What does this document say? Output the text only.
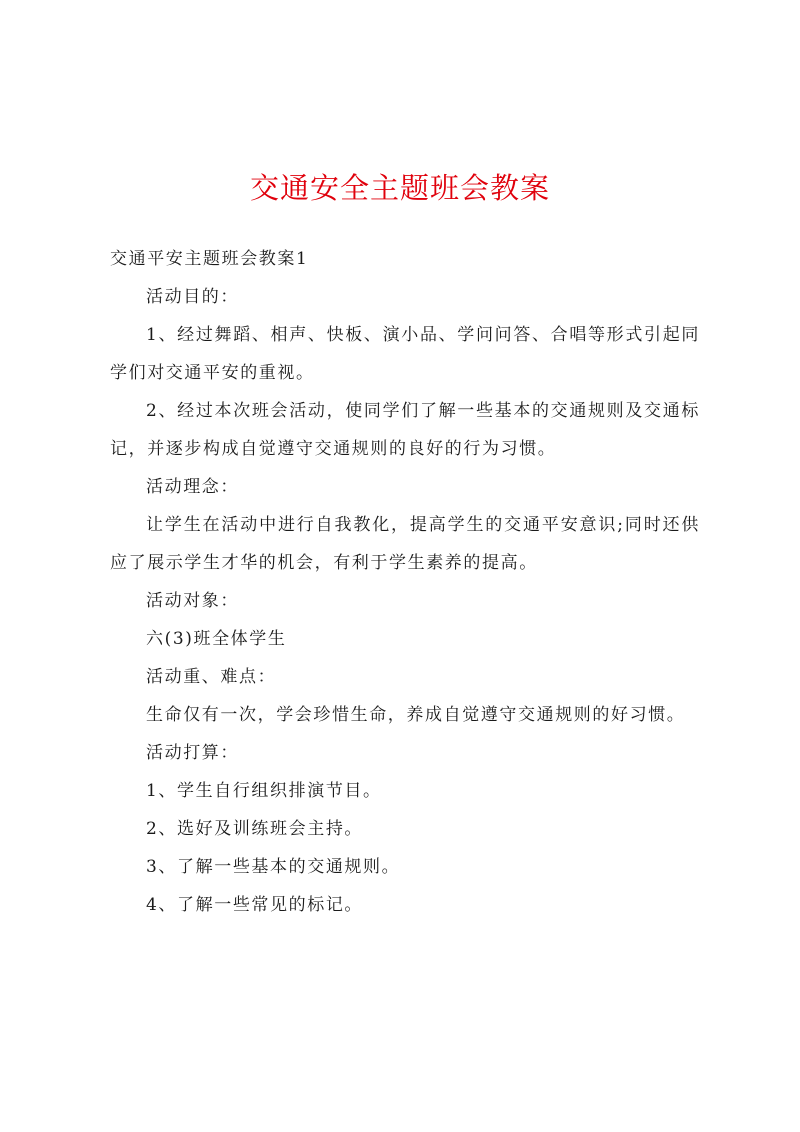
交通安全主题班会教案

交通平安主题班会教案1

活动目的：

1、经过舞蹈、相声、快板、演小品、学问问答、合唱等形式引起同学们对交通平安的重视。

2、经过本次班会活动，使同学们了解一些基本的交通规则及交通标记，并逐步构成自觉遵守交通规则的良好的行为习惯。

活动理念：

让学生在活动中进行自我教化，提高学生的交通平安意识;同时还供应了展示学生才华的机会，有利于学生素养的提高。

活动对象：

六(3)班全体学生

活动重、难点：

生命仅有一次，学会珍惜生命，养成自觉遵守交通规则的好习惯。

活动打算：

1、学生自行组织排演节目。

2、选好及训练班会主持。

3、了解一些基本的交通规则。

4、了解一些常见的标记。
